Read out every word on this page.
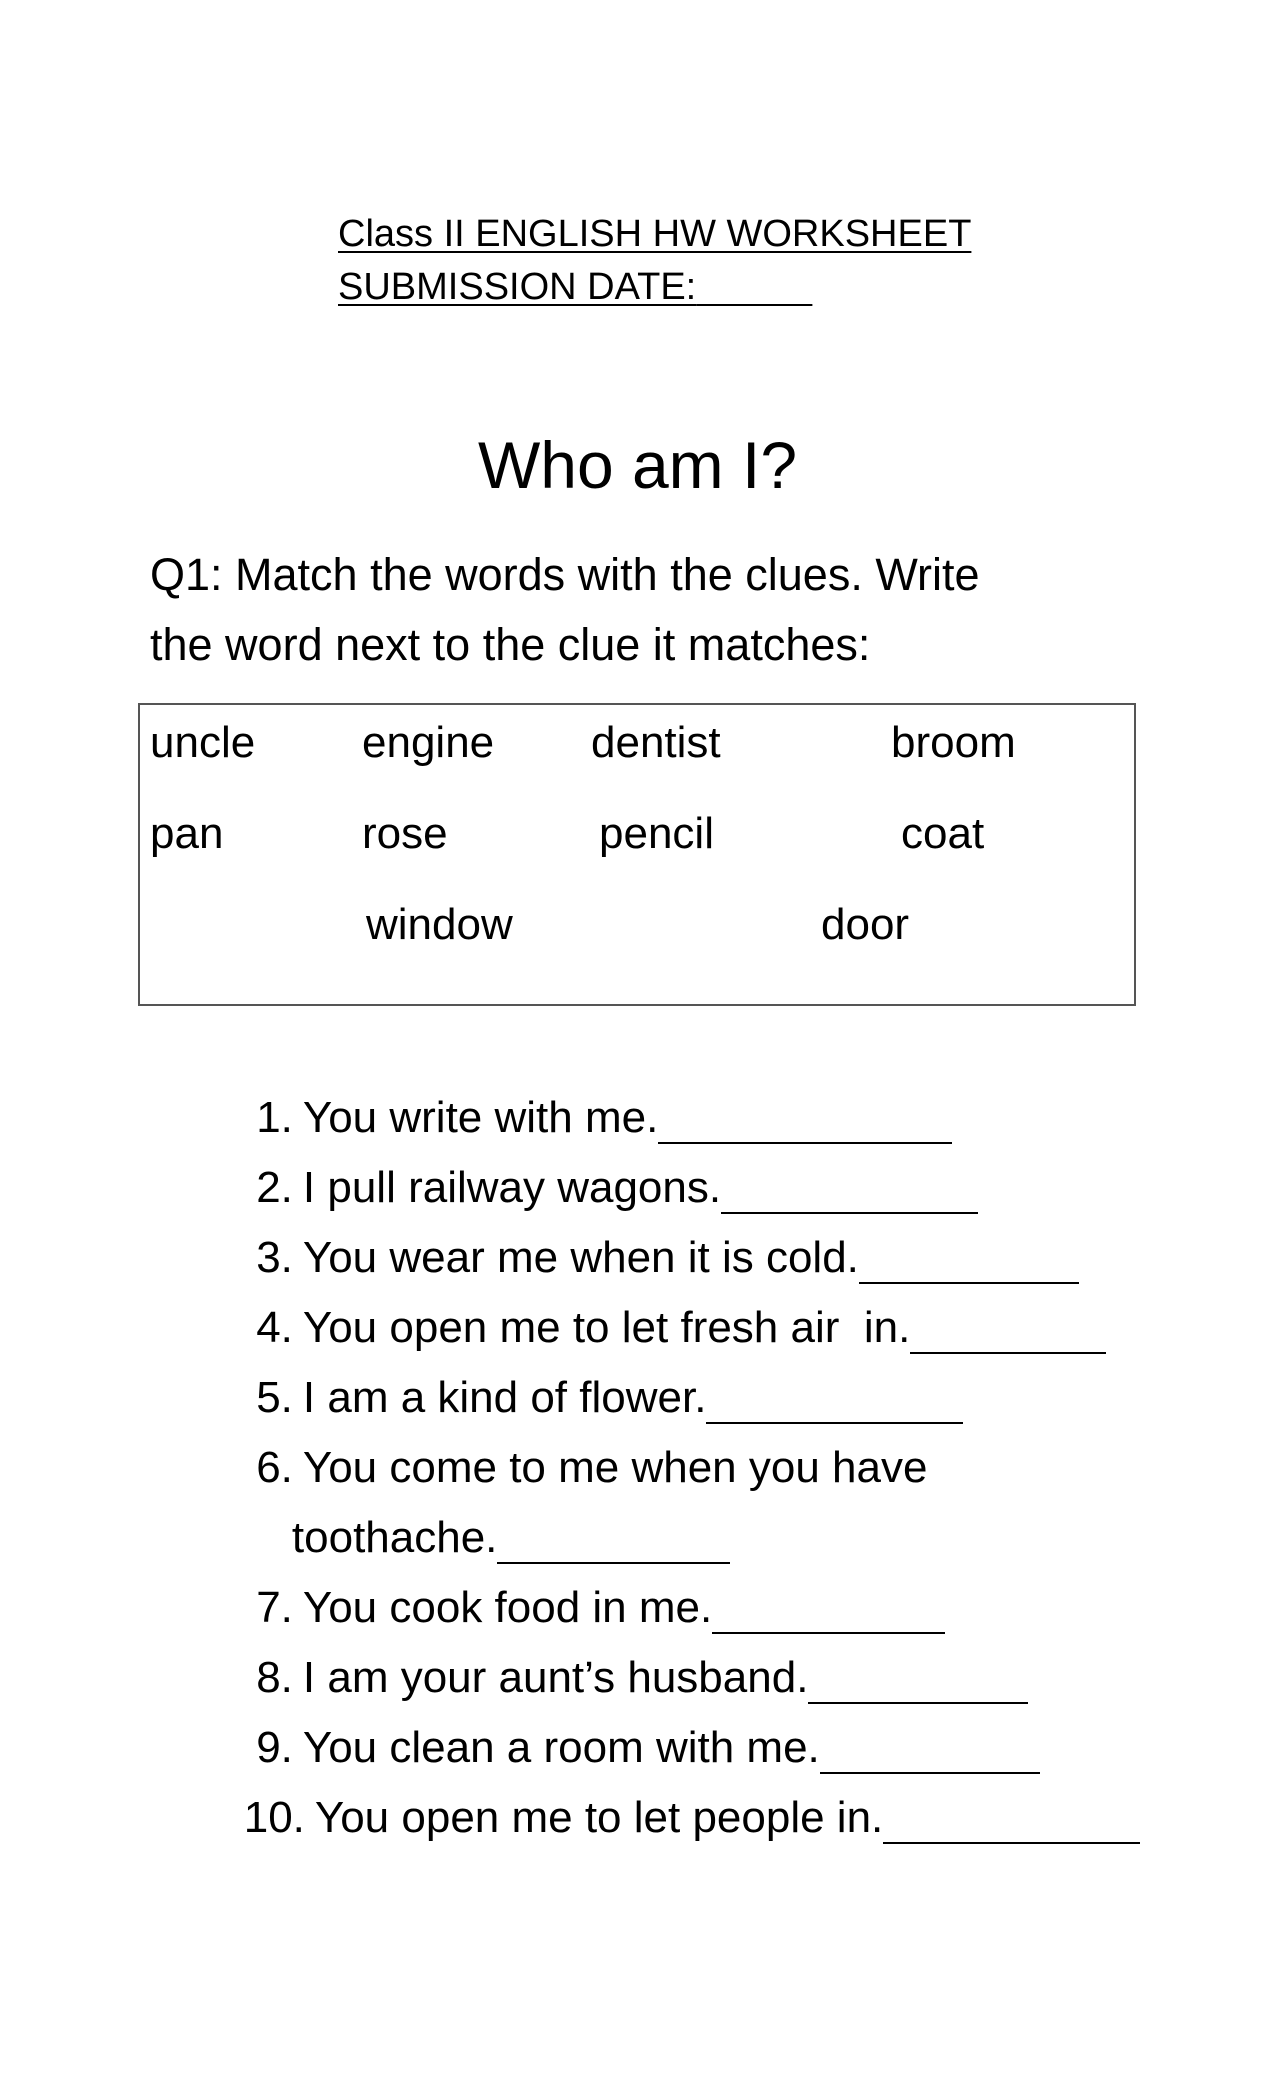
Class II ENGLISH HW WORKSHEET
SUBMISSION DATE:
Who am I?
Q1: Match the words with the clues. Write
the word next to the clue it matches:
uncle engine dentist	broom
pan	rose	pencil	coat
window	door

1. You write with me.

2. I pull railway wagons.

3. You wear me when it is cold.

4. You open me to let fresh air  in.

5. I am a kind of flower.

6. You come to me when you have

toothache.

7. You cook food in me.

8. I am your aunt’s husband.

9. You clean a room with me.

10. You open me to let people in.
